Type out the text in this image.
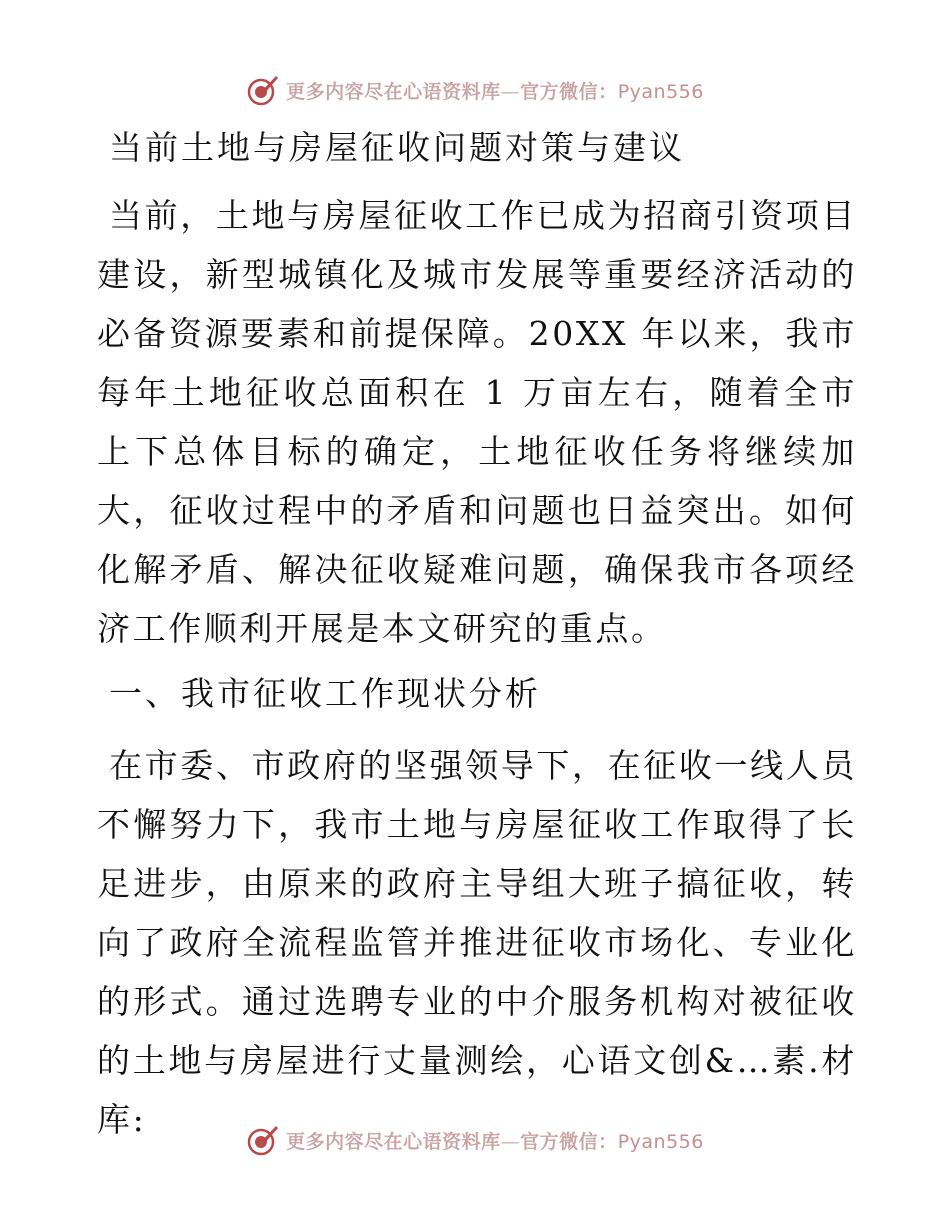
更多内容尽在心语资料库—官方微信：Pyan556
当前土地与房屋征收问题对策与建议

当前，土地与房屋征收工作已成为招商引资项目建设，新型城镇化及城市发展等重要经济活动的必备资源要素和前提保障。20XX 年以来，我市每年土地征收总面积在 1 万亩左右，随着全市上下总体目标的确定，土地征收任务将继续加大，征收过程中的矛盾和问题也日益突出。如何化解矛盾、解决征收疑难问题，确保我市各项经济工作顺利开展是本文研究的重点。

一、我市征收工作现状分析

在市委、市政府的坚强领导下，在征收一线人员不懈努力下，我市土地与房屋征收工作取得了长足进步，由原来的政府主导组大班子搞征收，转向了政府全流程监管并推进征收市场化、专业化的形式。通过选聘专业的中介服务机构对被征收的土地与房屋进行丈量测绘，心语文创&…素.材库:

更多内容尽在心语资料库—官方微信：Pyan556
